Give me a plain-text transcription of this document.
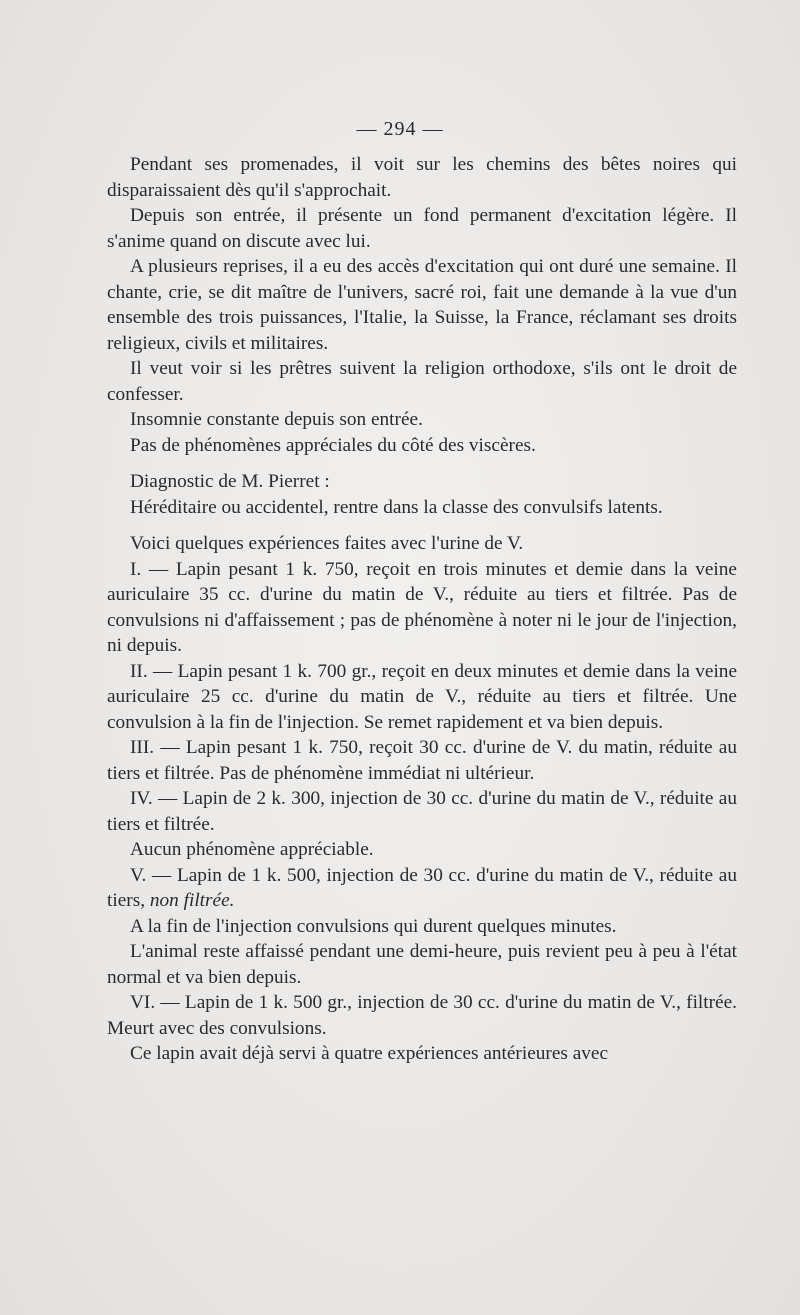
— 294 —

Pendant ses promenades, il voit sur les chemins des bêtes noires qui disparaissaient dès qu'il s'approchait.

Depuis son entrée, il présente un fond permanent d'excitation légère. Il s'anime quand on discute avec lui.

A plusieurs reprises, il a eu des accès d'excitation qui ont duré une semaine. Il chante, crie, se dit maître de l'univers, sacré roi, fait une demande à la vue d'un ensemble des trois puissances, l'Italie, la Suisse, la France, réclamant ses droits religieux, civils et militaires.

Il veut voir si les prêtres suivent la religion orthodoxe, s'ils ont le droit de confesser.

Insomnie constante depuis son entrée.

Pas de phénomènes appréciales du côté des viscères.

Diagnostic de M. Pierret :

Héréditaire ou accidentel, rentre dans la classe des convulsifs latents.

Voici quelques expériences faites avec l'urine de V.

I. — Lapin pesant 1 k. 750, reçoit en trois minutes et demie dans la veine auriculaire 35 cc. d'urine du matin de V., réduite au tiers et filtrée. Pas de convulsions ni d'affaissement ; pas de phénomène à noter ni le jour de l'injection, ni depuis.

II. — Lapin pesant 1 k. 700 gr., reçoit en deux minutes et demie dans la veine auriculaire 25 cc. d'urine du matin de V., réduite au tiers et filtrée. Une convulsion à la fin de l'injection. Se remet rapidement et va bien depuis.

III. — Lapin pesant 1 k. 750, reçoit 30 cc. d'urine de V. du matin, réduite au tiers et filtrée. Pas de phénomène immédiat ni ultérieur.

IV. — Lapin de 2 k. 300, injection de 30 cc. d'urine du matin de V., réduite au tiers et filtrée.

Aucun phénomène appréciable.

V. — Lapin de 1 k. 500, injection de 30 cc. d'urine du matin de V., réduite au tiers, non filtrée.

A la fin de l'injection convulsions qui durent quelques minutes.

L'animal reste affaissé pendant une demi-heure, puis revient peu à peu à l'état normal et va bien depuis.

VI. — Lapin de 1 k. 500 gr., injection de 30 cc. d'urine du matin de V., filtrée. Meurt avec des convulsions.

Ce lapin avait déjà servi à quatre expériences antérieures avec
